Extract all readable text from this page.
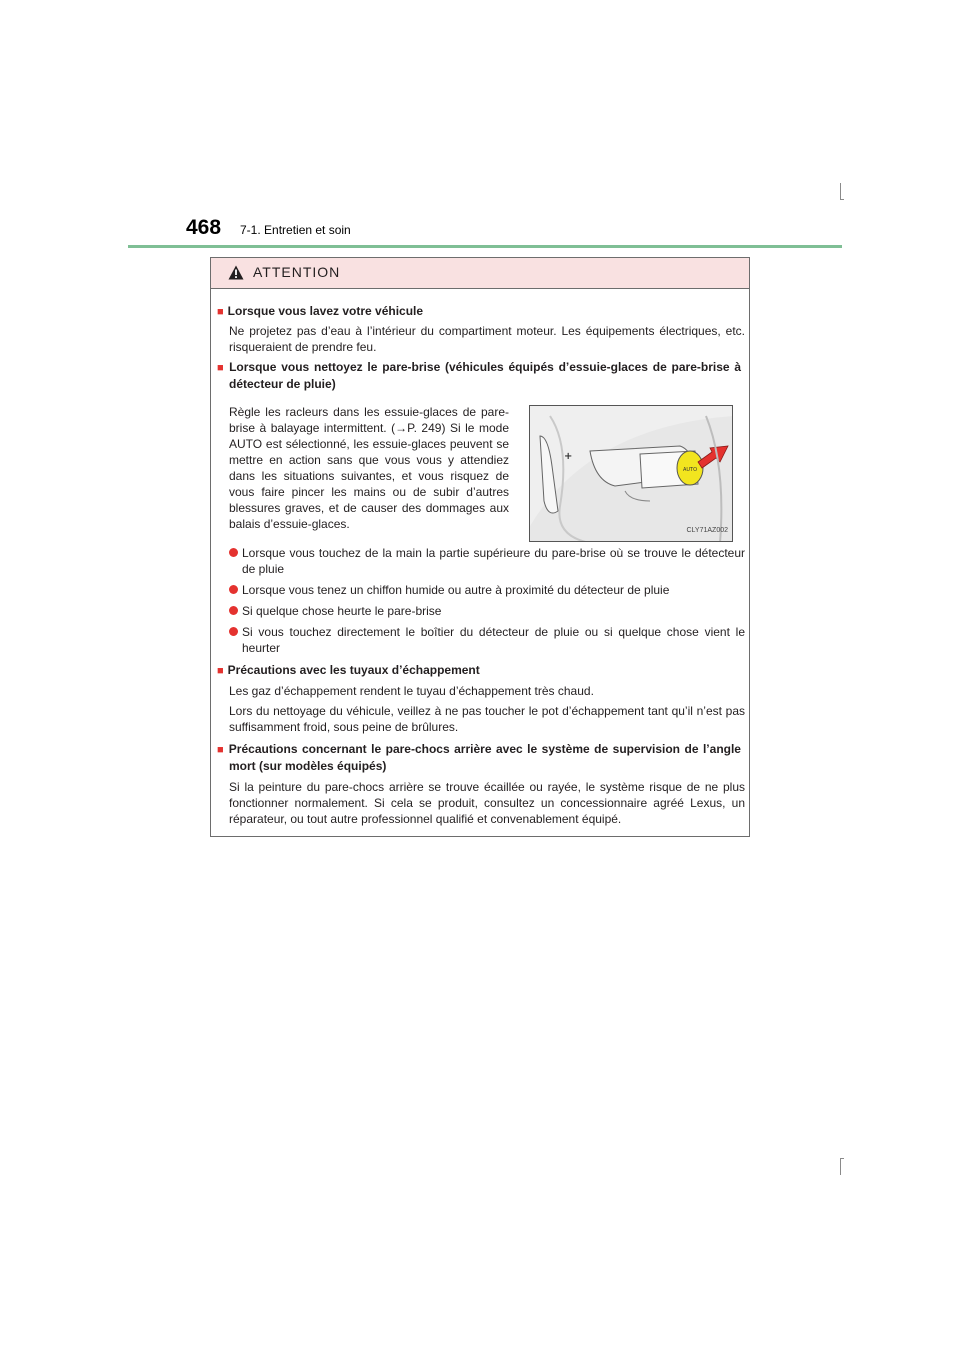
468 7-1. Entretien et soin
ATTENTION
■ Lorsque vous lavez votre véhicule
Ne projetez pas d’eau à l’intérieur du compartiment moteur. Les équipements électriques, etc. risqueraient de prendre feu.
■ Lorsque vous nettoyez le pare-brise (véhicules équipés d’essuie-glaces de pare-brise à détecteur de pluie)
Règle les racleurs dans les essuie-glaces de pare-brise à balayage intermittent. (→P. 249) Si le mode AUTO est sélectionné, les essuie-glaces peuvent se mettre en action sans que vous vous y attendiez dans les situations suivantes, et vous risquez de vous faire pincer les mains ou de subir d’autres blessures graves, et de causer des dommages aux balais d’essuie-glaces.
AUTO
+
CLY71AZ002
Lorsque vous touchez de la main la partie supérieure du pare-brise où se trouve le détecteur de pluie
Lorsque vous tenez un chiffon humide ou autre à proximité du détecteur de pluie
Si quelque chose heurte le pare-brise
Si vous touchez directement le boîtier du détecteur de pluie ou si quelque chose vient le heurter
■ Précautions avec les tuyaux d’échappement
Les gaz d’échappement rendent le tuyau d’échappement très chaud.
Lors du nettoyage du véhicule, veillez à ne pas toucher le pot d’échappement tant qu’il n’est pas suffisamment froid, sous peine de brûlures.
■ Précautions concernant le pare-chocs arrière avec le système de supervision de l’angle mort (sur modèles équipés)
Si la peinture du pare-chocs arrière se trouve écaillée ou rayée, le système risque de ne plus fonctionner normalement. Si cela se produit, consultez un concessionnaire agréé Lexus, un réparateur, ou tout autre professionnel qualifié et convenablement équipé.
